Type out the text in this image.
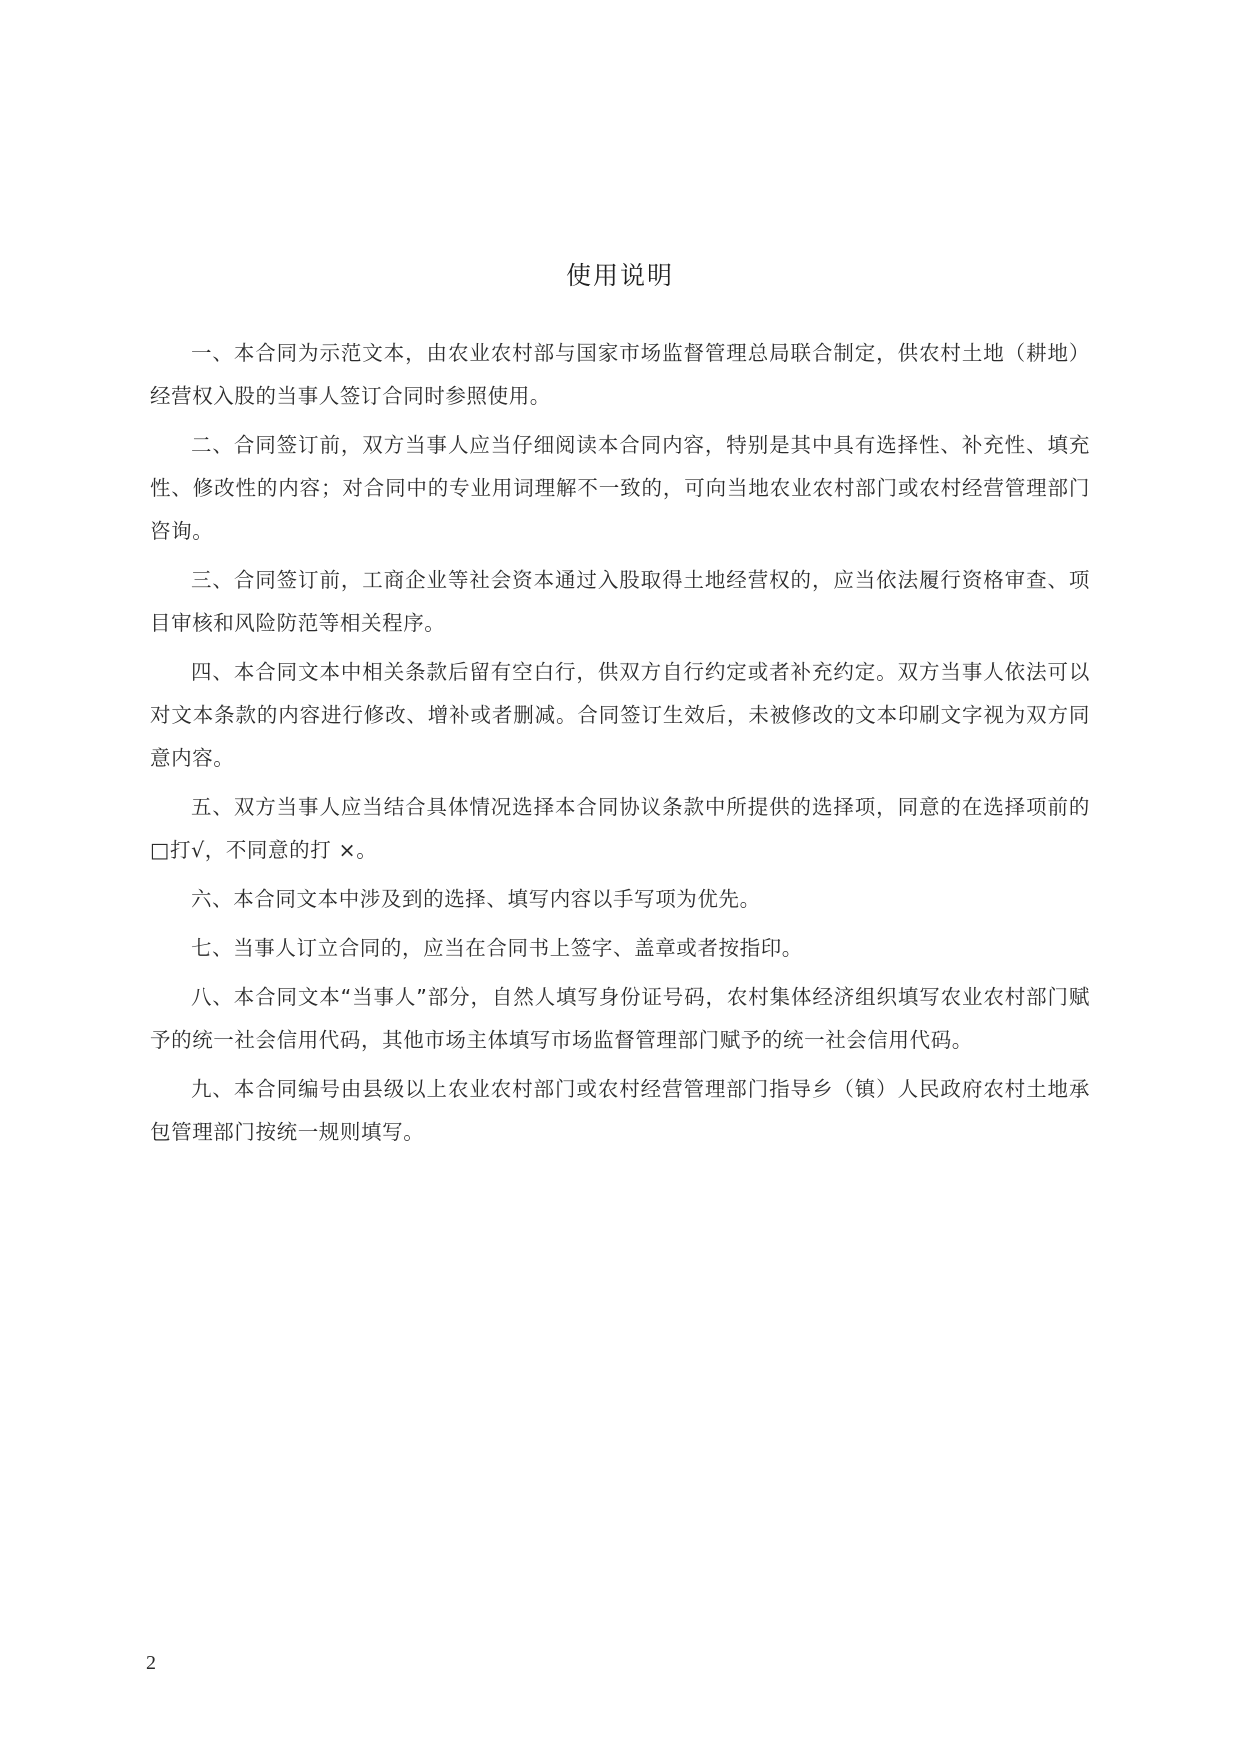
使用说明

一、本合同为示范文本，由农业农村部与国家市场监督管理总局联合制定，供农村土地（耕地）经营权入股的当事人签订合同时参照使用。

二、合同签订前，双方当事人应当仔细阅读本合同内容，特别是其中具有选择性、补充性、填充性、修改性的内容；对合同中的专业用词理解不一致的，可向当地农业农村部门或农村经营管理部门咨询。

三、合同签订前，工商企业等社会资本通过入股取得土地经营权的，应当依法履行资格审查、项目审核和风险防范等相关程序。

四、本合同文本中相关条款后留有空白行，供双方自行约定或者补充约定。双方当事人依法可以对文本条款的内容进行修改、增补或者删减。合同签订生效后，未被修改的文本印刷文字视为双方同意内容。

五、双方当事人应当结合具体情况选择本合同协议条款中所提供的选择项，同意的在选择项前的□打√，不同意的打 ×。

六、本合同文本中涉及到的选择、填写内容以手写项为优先。

七、当事人订立合同的，应当在合同书上签字、盖章或者按指印。

八、本合同文本“当事人”部分，自然人填写身份证号码，农村集体经济组织填写农业农村部门赋予的统一社会信用代码，其他市场主体填写市场监督管理部门赋予的统一社会信用代码。

九、本合同编号由县级以上农业农村部门或农村经营管理部门指导乡（镇）人民政府农村土地承包管理部门按统一规则填写。

2
